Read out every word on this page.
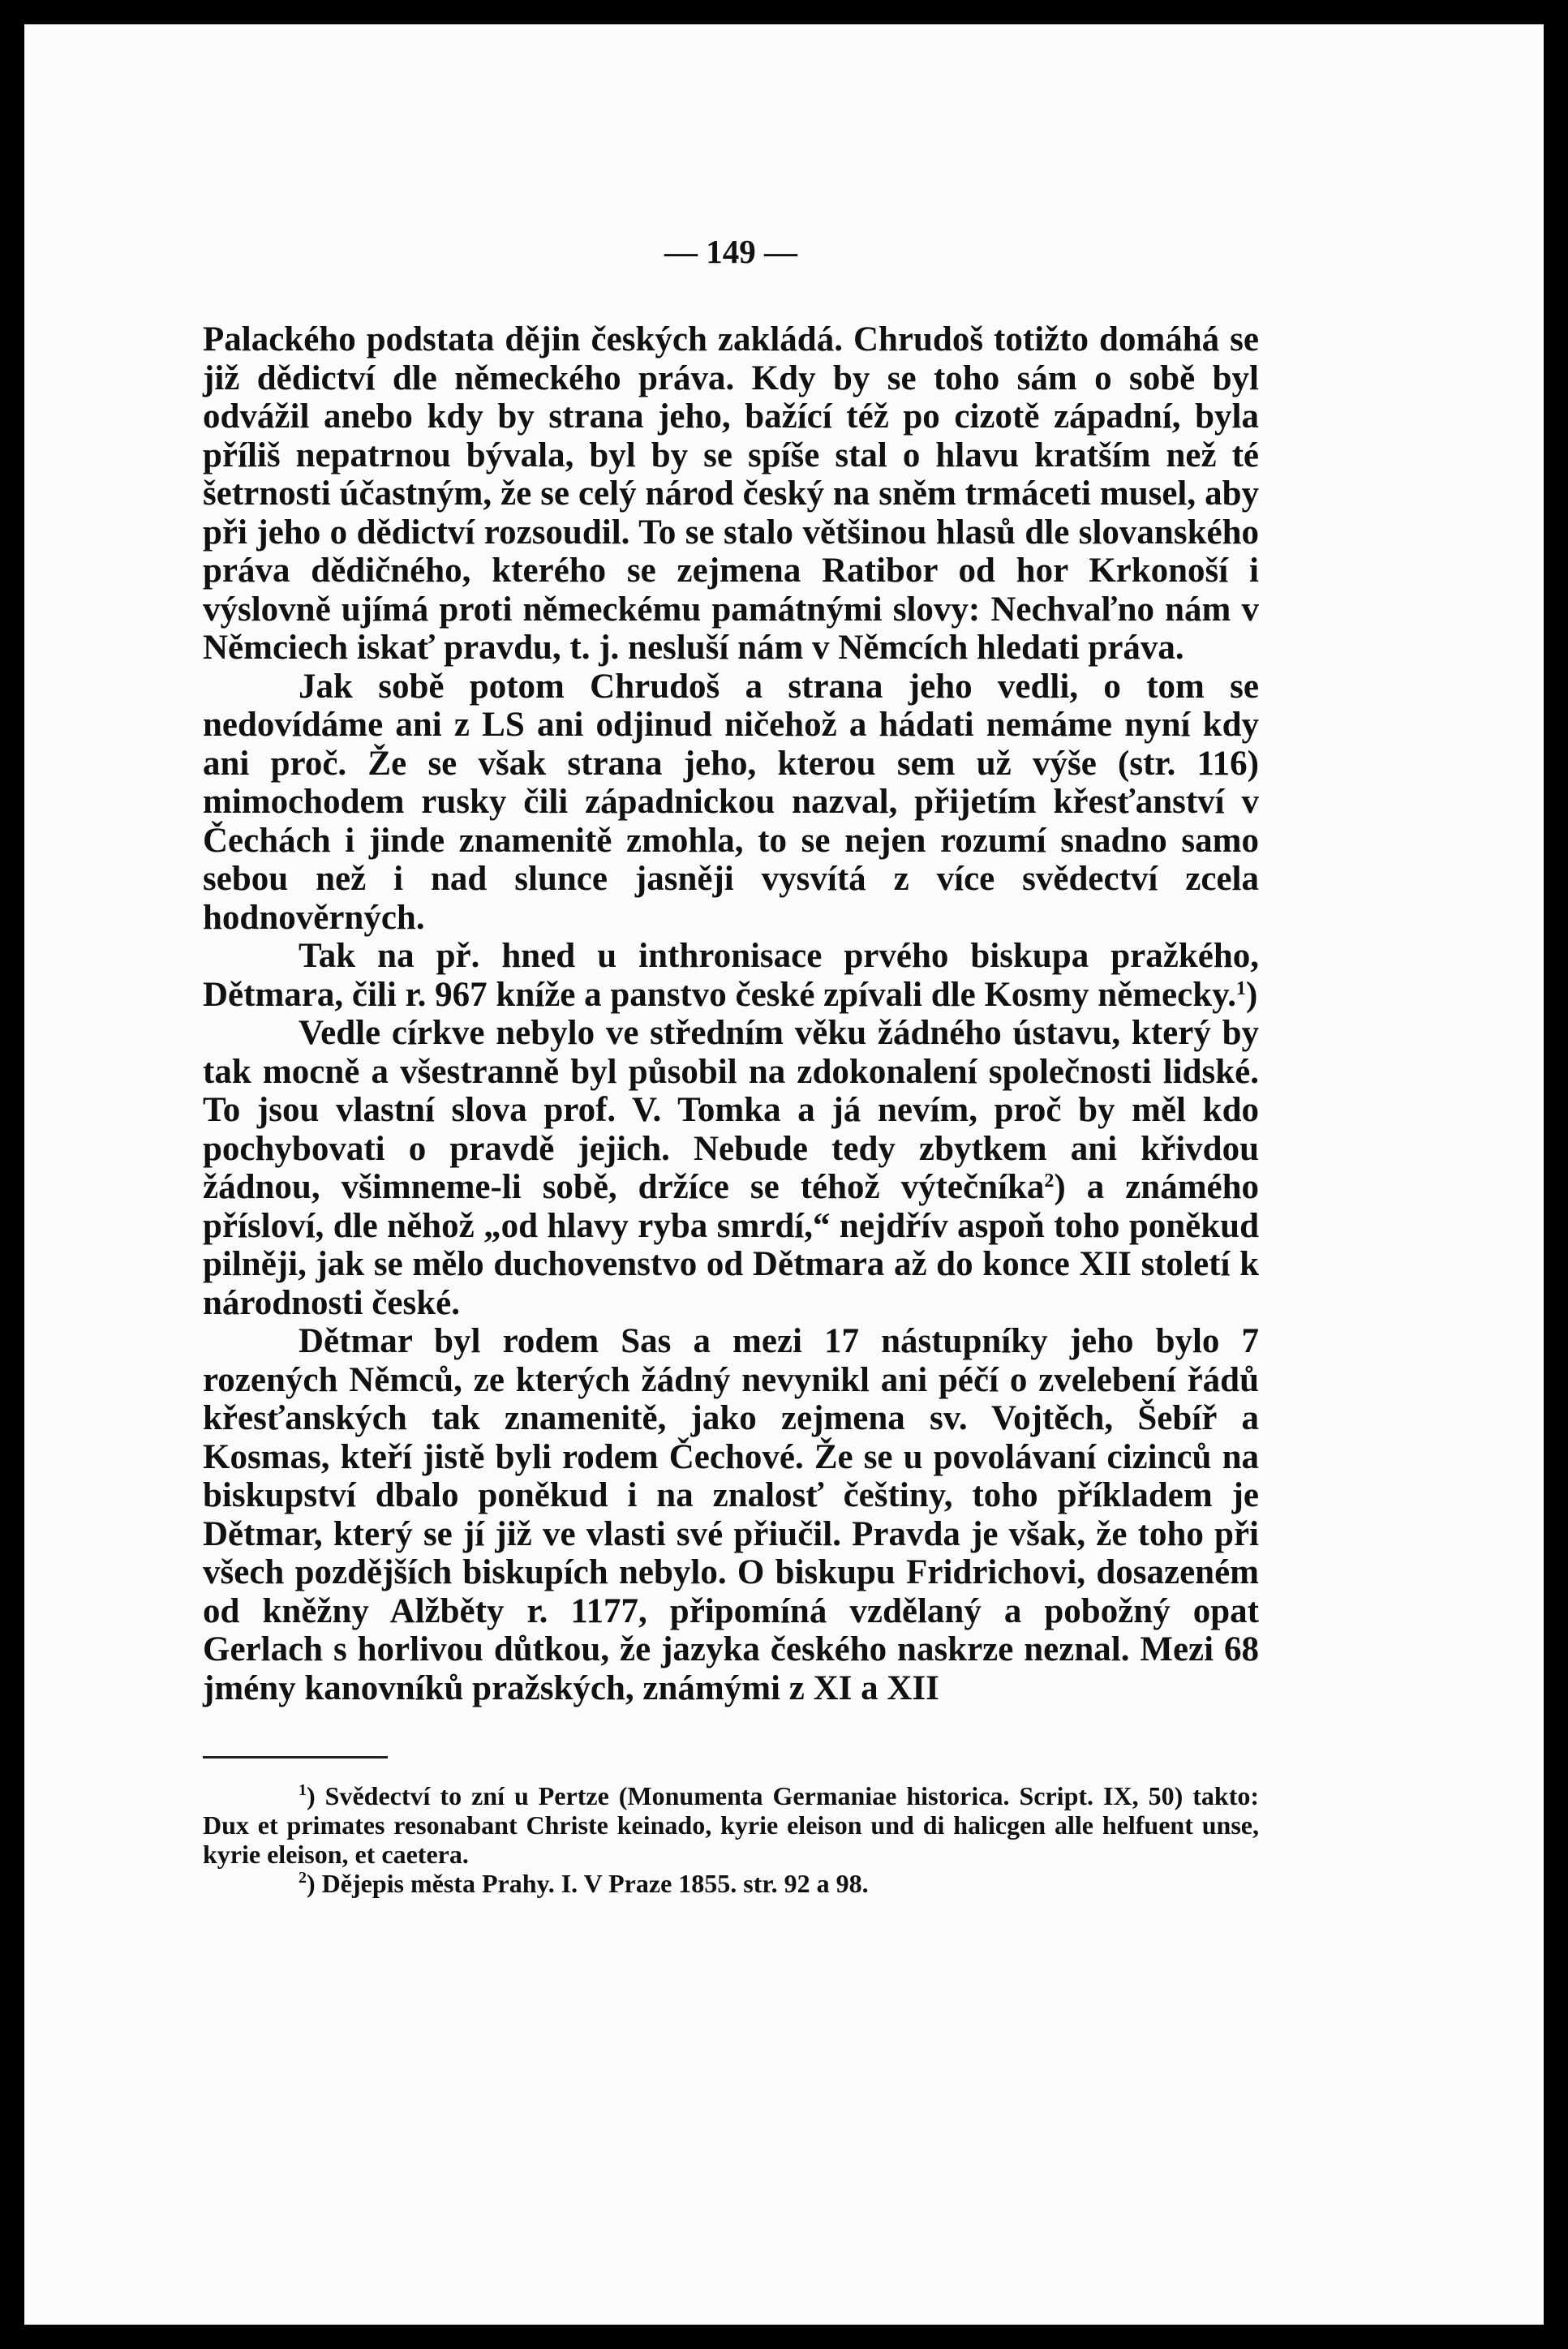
— 149 —

Palackého podstata dějin českých zakládá. Chrudoš totižto domáhá se již dědictví dle německého práva. Kdy by se toho sám o sobě byl odvážil anebo kdy by strana jeho, bažící též po cizotě západní, byla příliš nepatrnou bývala, byl by se spíše stal o hlavu kratším než té šetrnosti účastným, že se celý národ český na sněm trmáceti musel, aby při jeho o dědictví rozsoudil. To se stalo většinou hlasů dle slovanského práva dědičného, kterého se zejmena Ratibor od hor Krkonoší i výslovně ujímá proti německému památnými slovy: Nechvaľno nám v Němciech iskať pravdu, t. j. nesluší nám v Němcích hledati práva.

Jak sobě potom Chrudoš a strana jeho vedli, o tom se nedovídáme ani z LS ani odjinud ničehož a hádati nemáme nyní kdy ani proč. Že se však strana jeho, kterou sem už výše (str. 116) mimochodem rusky čili západnickou nazval, přijetím křesťanství v Čechách i jinde znamenitě zmohla, to se nejen rozumí snadno samo sebou než i nad slunce jasněji vysvítá z více svědectví zcela hodnověrných.

Tak na př. hned u inthronisace prvého biskupa pražkého, Dětmara, čili r. 967 kníže a panstvo české zpívali dle Kosmy německy.$^1$)

Vedle církve nebylo ve středním věku žádného ústavu, který by tak mocně a všestranně byl působil na zdokonalení společnosti lidské. To jsou vlastní slova prof. V. Tomka a já nevím, proč by měl kdo pochybovati o pravdě jejich. Nebude tedy zbytkem ani křivdou žádnou, všimneme-li sobě, držíce se téhož výtečníka$^2$) a známého přísloví, dle něhož „od hlavy ryba smrdí,“ nejdřív aspoň toho poněkud pilněji, jak se mělo duchovenstvo od Dětmara až do konce XII století k národnosti české.

Dětmar byl rodem Sas a mezi 17 nástupníky jeho bylo 7 rozených Němců, ze kterých žádný nevynikl ani péčí o zvelebení řádů křesťanských tak znamenitě, jako zejmena sv. Vojtěch, Šebíř a Kosmas, kteří jistě byli rodem Čechové. Že se u povolávaní cizinců na biskupství dbalo poněkud i na znalosť češtiny, toho příkladem je Dětmar, který se jí již ve vlasti své přiučil. Pravda je však, že toho při všech pozdějších biskupích nebylo. O biskupu Fridrichovi, dosazeném od kněžny Alžběty r. 1177, připomíná vzdělaný a pobožný opat Gerlach s horlivou důtkou, že jazyka českého naskrze neznal. Mezi 68 jmény kanovníků pražských, známými z XI a XII

$^1$) Svědectví to zní u Pertze (Monumenta Germaniae historica. Script. IX, 50) takto: Dux et primates resonabant Christe keinado, kyrie eleison und di halicgen alle helfuent unse, kyrie eleison, et caetera.

$^2$) Dějepis města Prahy. I. V Praze 1855. str. 92 a 98.
